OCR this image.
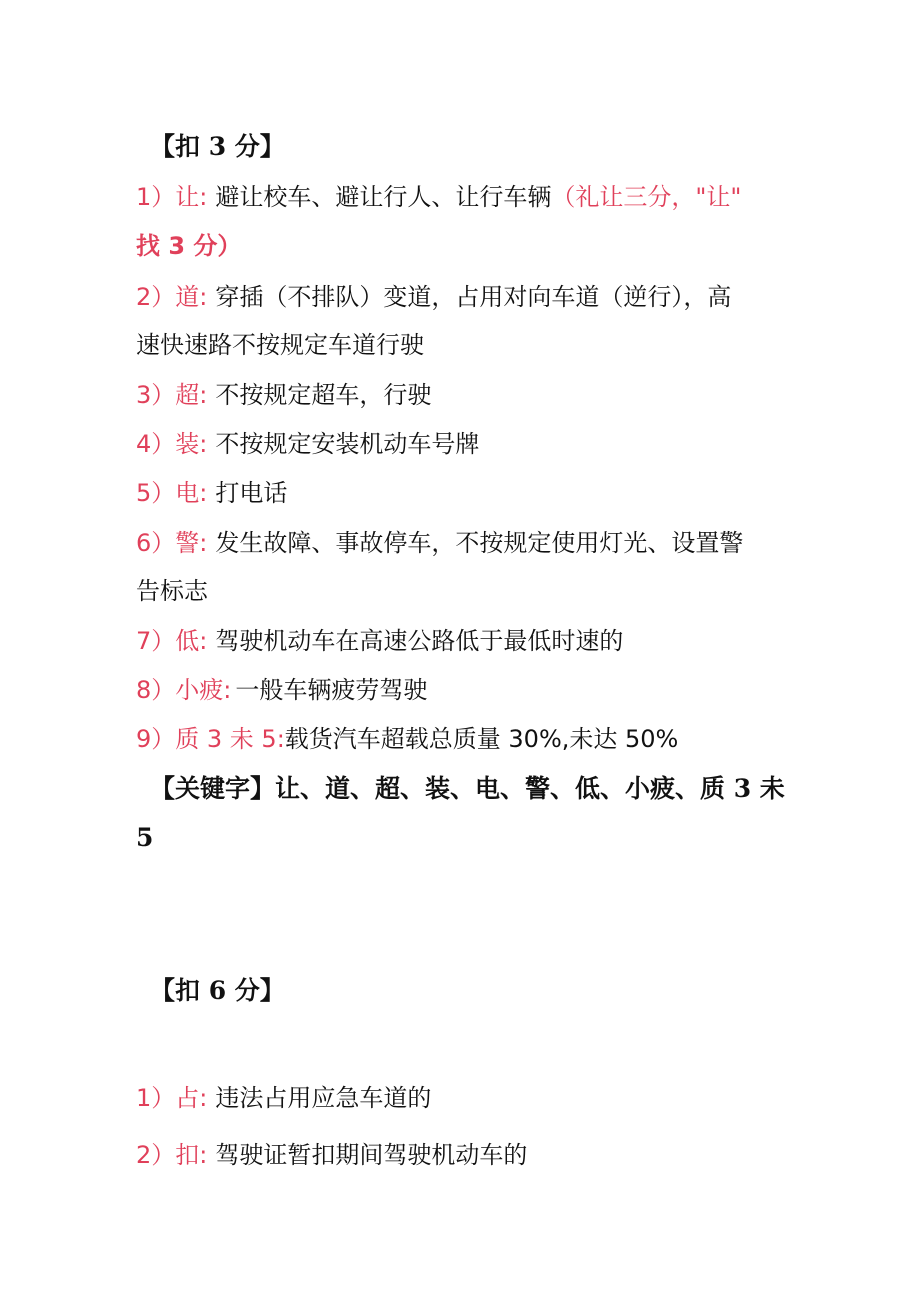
【扣 3 分】
1）让: 避让校车、避让行人、让行车辆（礼让三分，"让"
找 3 分）
2）道: 穿插（不排队）变道，占用对向车道（逆行），高
速快速路不按规定车道行驶
3）超: 不按规定超车，行驶
4）装: 不按规定安装机动车号牌
5）电: 打电话
6）警: 发生故障、事故停车，不按规定使用灯光、设置警
告标志
7）低: 驾驶机动车在高速公路低于最低时速的
8）小疲: 一般车辆疲劳驾驶
9）质 3 未 5:载货汽车超载总质量 30%,未达 50%
【关键字】让、道、超、装、电、警、低、小疲、质 3 未
5
【扣 6 分】
1）占: 违法占用应急车道的
2）扣: 驾驶证暂扣期间驾驶机动车的
